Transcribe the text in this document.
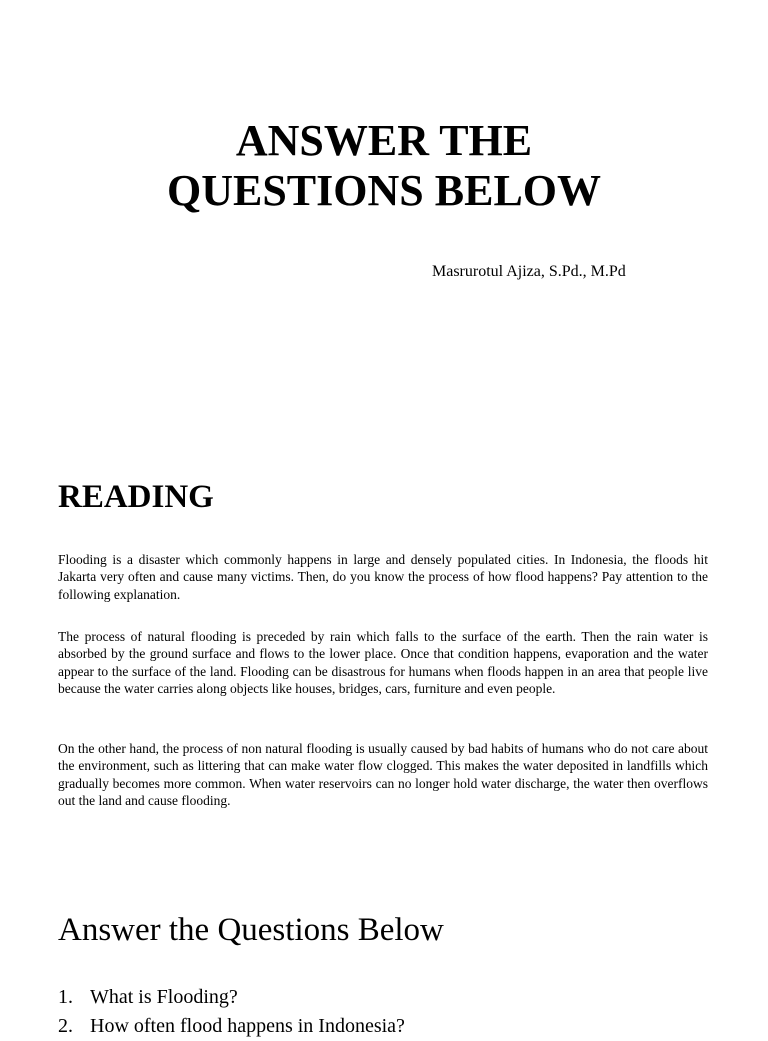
ANSWER THE
QUESTIONS BELOW

Masrurotul Ajiza, S.Pd., M.Pd

READING

Flooding is a disaster which commonly happens in large and densely populated cities. In Indonesia, the floods hit Jakarta very often and cause many victims. Then, do you know the process of how flood happens? Pay attention to the following explanation.

The process of natural flooding is preceded by rain which falls to the surface of the earth. Then the rain water is absorbed by the ground surface and flows to the lower place. Once that condition happens, evaporation and the water appear to the surface of the land. Flooding can be disastrous for humans when floods happen in an area that people live because the water carries along objects like houses, bridges, cars, furniture and even people.

On the other hand, the process of non natural flooding is usually caused by bad habits of humans who do not care about the environment, such as littering that can make water flow clogged. This makes the water deposited in landfills which gradually becomes more common. When water reservoirs can no longer hold water discharge, the water then overflows out the land and cause flooding.

Answer the Questions Below
1. What is Flooding?
2. How often flood happens in Indonesia?
